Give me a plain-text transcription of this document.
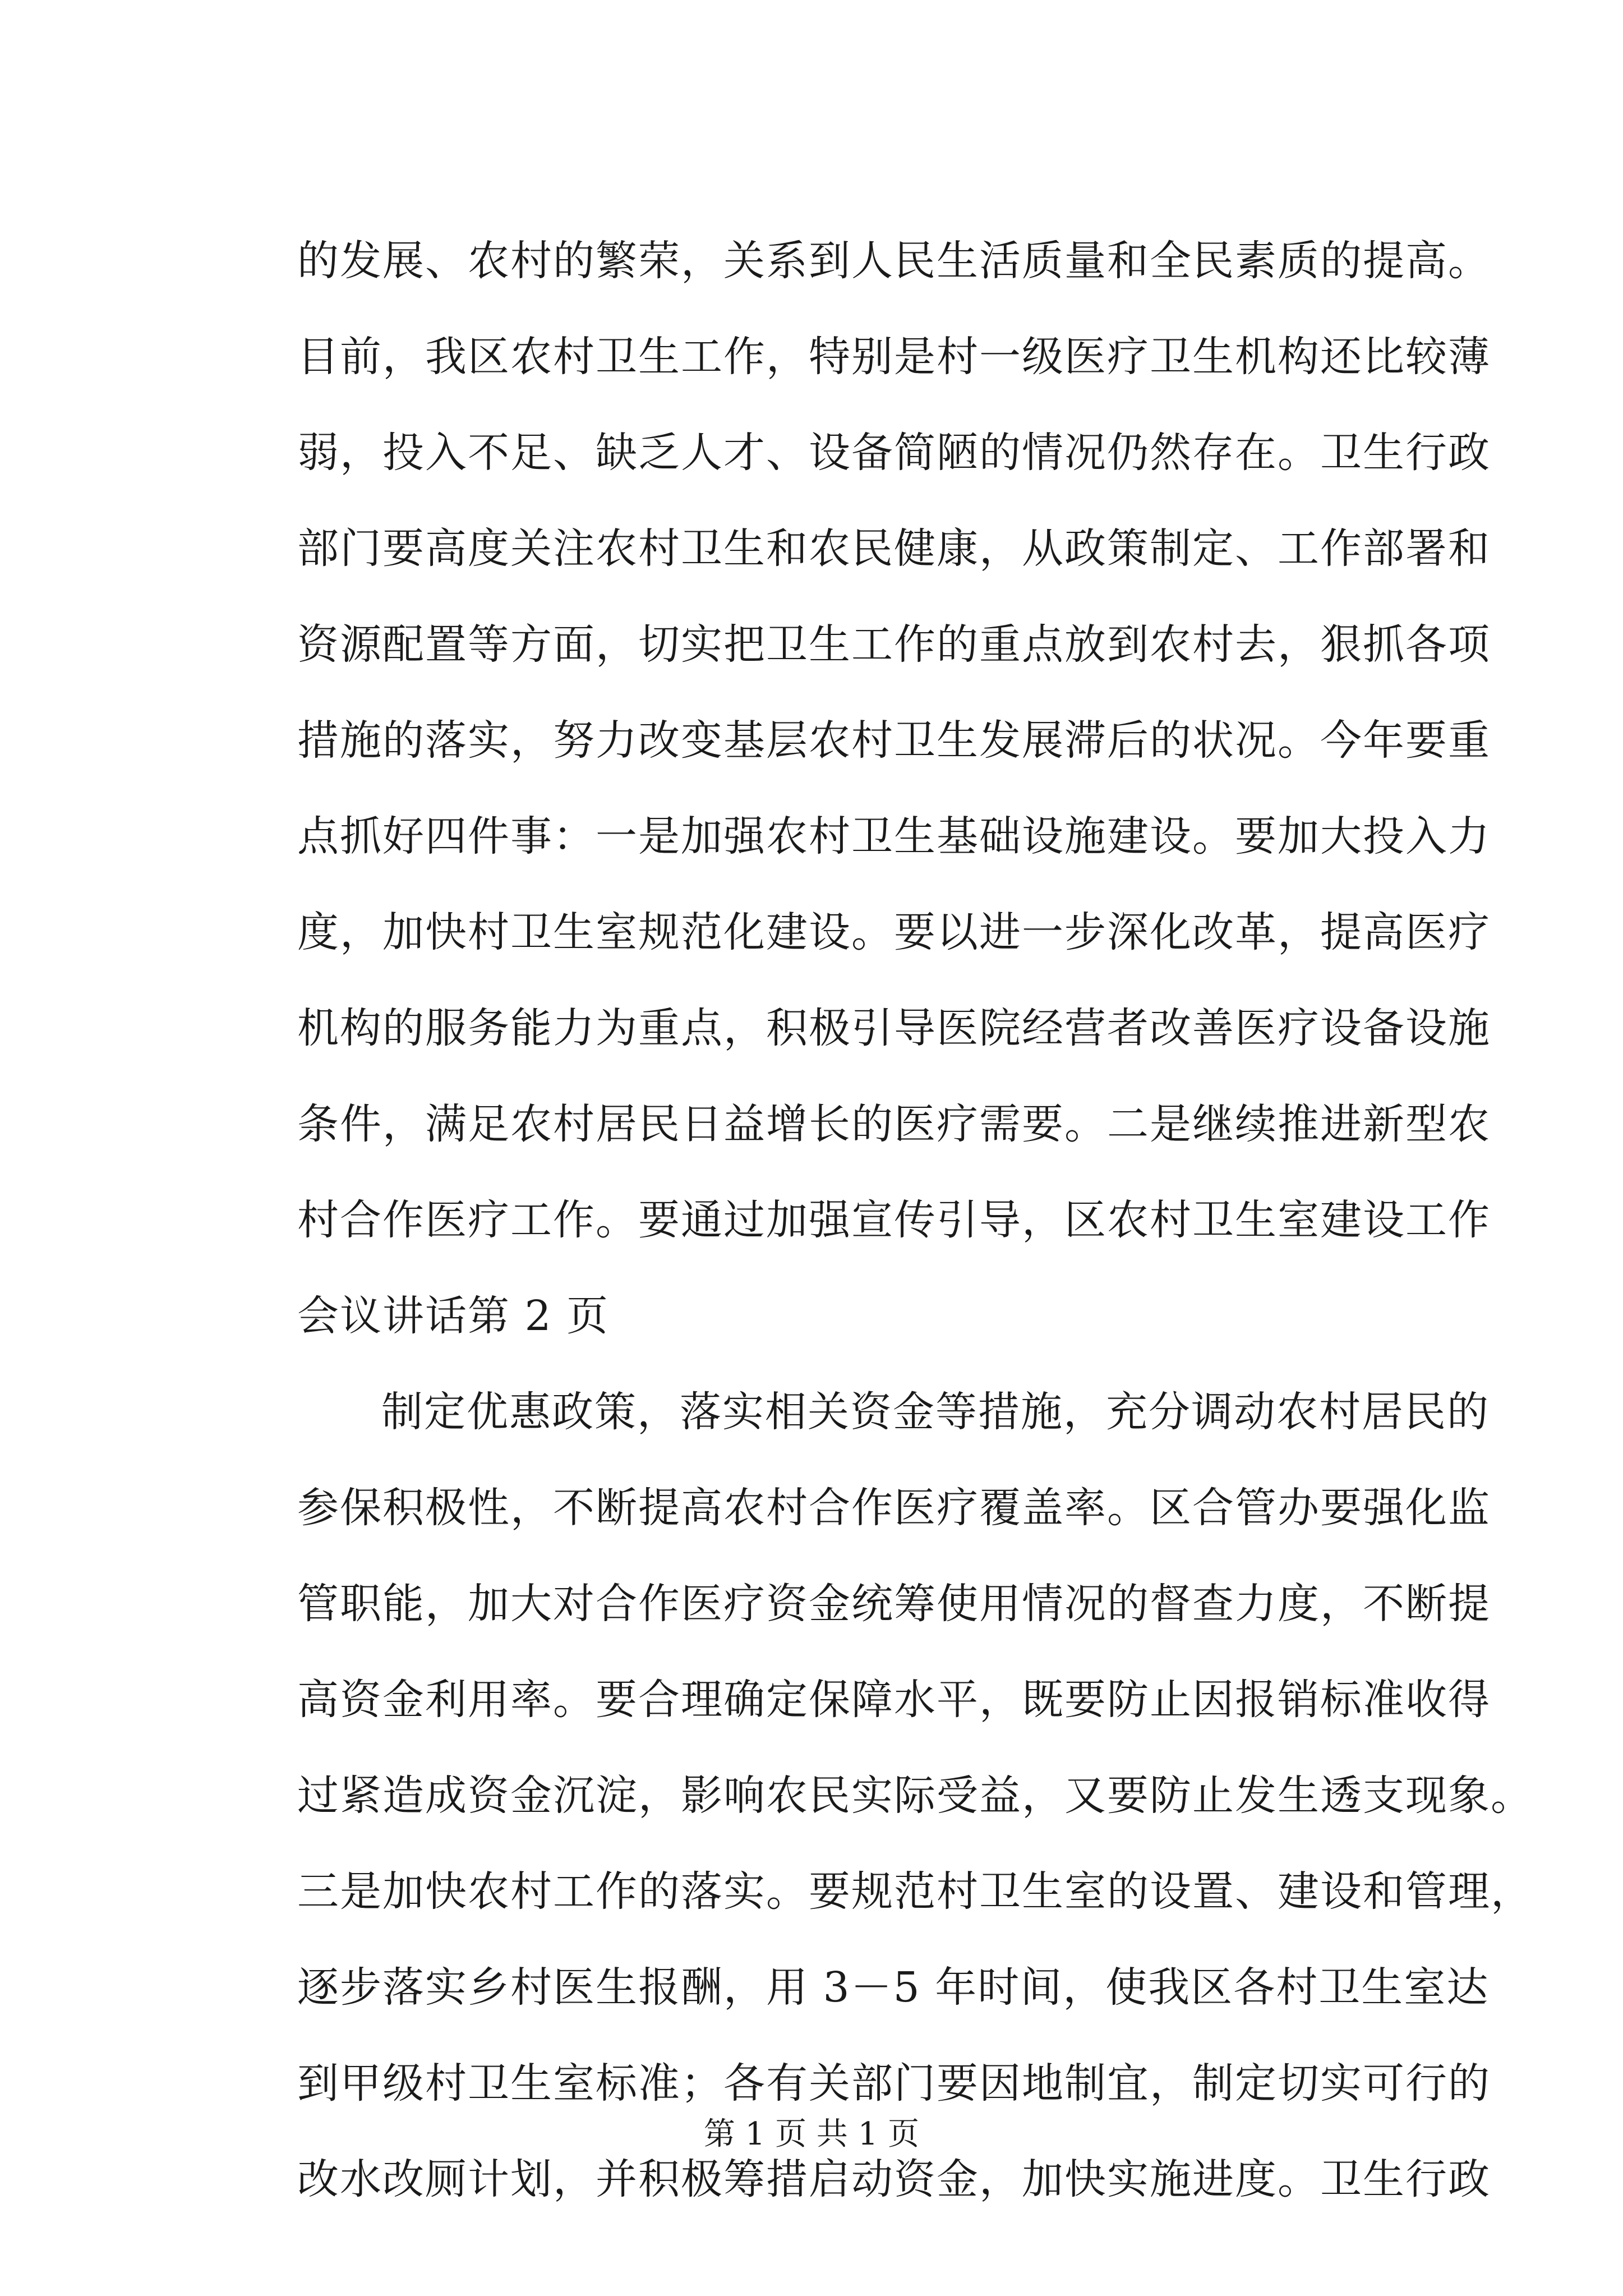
的发展、农村的繁荣，关系到人民生活质量和全民素质的提高。
目前，我区农村卫生工作，特别是村一级医疗卫生机构还比较薄
弱，投入不足、缺乏人才、设备简陋的情况仍然存在。卫生行政
部门要高度关注农村卫生和农民健康，从政策制定、工作部署和
资源配置等方面，切实把卫生工作的重点放到农村去，狠抓各项
措施的落实，努力改变基层农村卫生发展滞后的状况。今年要重
点抓好四件事：一是加强农村卫生基础设施建设。要加大投入力
度，加快村卫生室规范化建设。要以进一步深化改革，提高医疗
机构的服务能力为重点，积极引导医院经营者改善医疗设备设施
条件，满足农村居民日益增长的医疗需要。二是继续推进新型农
村合作医疗工作。要通过加强宣传引导，区农村卫生室建设工作
会议讲话第 2 页
制定优惠政策，落实相关资金等措施，充分调动农村居民的
参保积极性，不断提高农村合作医疗覆盖率。区合管办要强化监
管职能，加大对合作医疗资金统筹使用情况的督查力度，不断提
高资金利用率。要合理确定保障水平，既要防止因报销标准收得
过紧造成资金沉淀，影响农民实际受益，又要防止发生透支现象。
三是加快农村工作的落实。要规范村卫生室的设置、建设和管理，
逐步落实乡村医生报酬，用 3－5 年时间，使我区各村卫生室达
到甲级村卫生室标准；各有关部门要因地制宜，制定切实可行的
改水改厕计划，并积极筹措启动资金，加快实施进度。卫生行政
第 1 页 共 1 页
